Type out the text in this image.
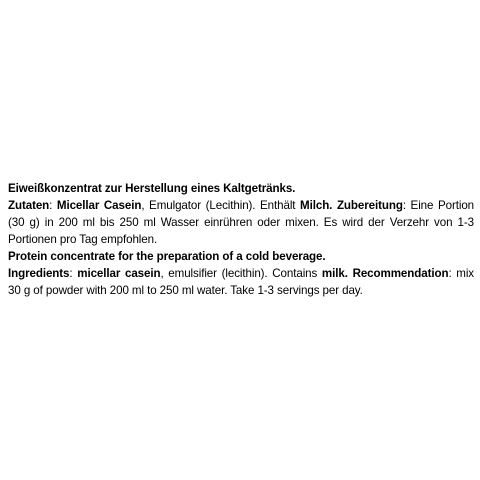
Eiweißkonzentrat zur Herstellung eines Kaltgetränks.

Zutaten: Micellar Casein, Emulgator (Lecithin). Enthält Milch. Zubereitung: Eine Portion (30 g) in 200 ml bis 250 ml Wasser einrühren oder mixen. Es wird der Verzehr von 1-3 Portionen pro Tag empfohlen.

Protein concentrate for the preparation of a cold beverage.

Ingredients: micellar casein, emulsifier (lecithin). Contains milk. Recommendation: mix 30 g of powder with 200 ml to 250 ml water. Take 1-3 servings per day.
